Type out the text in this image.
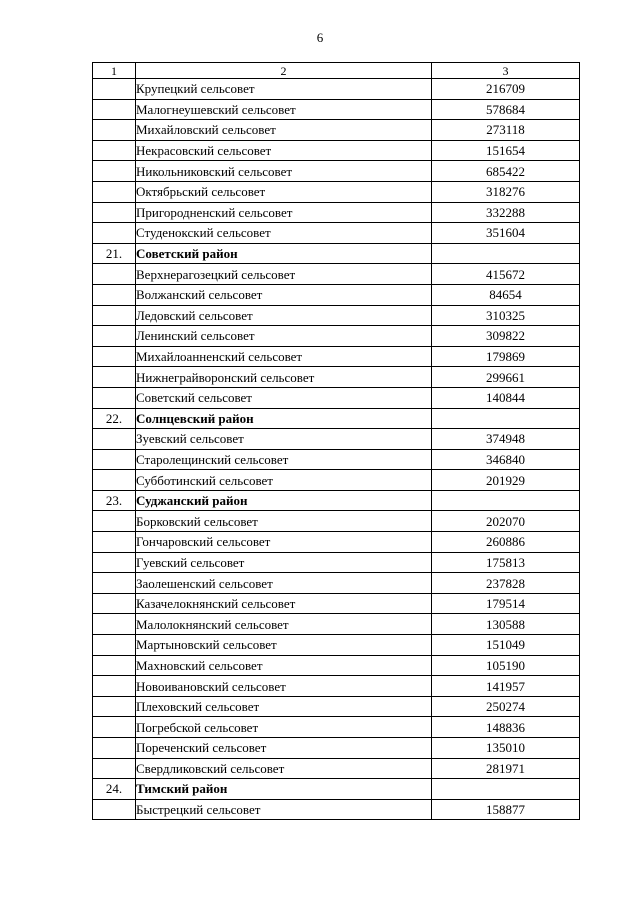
6
1	2	3
	Крупецкий сельсовет	216709
	Малогнеушевский сельсовет	578684
	Михайловский сельсовет	273118
	Некрасовский сельсовет	151654
	Никольниковский сельсовет	685422
	Октябрьский сельсовет	318276
	Пригородненский сельсовет	332288
	Студенокский сельсовет	351604
21.	Советский район	
	Верхнерагозецкий сельсовет	415672
	Волжанский сельсовет	84654
	Ледовский сельсовет	310325
	Ленинский сельсовет	309822
	Михайлоанненский сельсовет	179869
	Нижнеграйворонский сельсовет	299661
	Советский сельсовет	140844
22.	Солнцевский район	
	Зуевский сельсовет	374948
	Старолещинский сельсовет	346840
	Субботинский сельсовет	201929
23.	Суджанский район	
	Борковский сельсовет	202070
	Гончаровский сельсовет	260886
	Гуевский сельсовет	175813
	Заолешенский сельсовет	237828
	Казачелокнянский сельсовет	179514
	Малолокнянский сельсовет	130588
	Мартыновский сельсовет	151049
	Махновский сельсовет	105190
	Новоивановский сельсовет	141957
	Плеховский сельсовет	250274
	Погребской сельсовет	148836
	Пореченский сельсовет	135010
	Свердликовский сельсовет	281971
24.	Тимский район	
	Быстрецкий сельсовет	158877
